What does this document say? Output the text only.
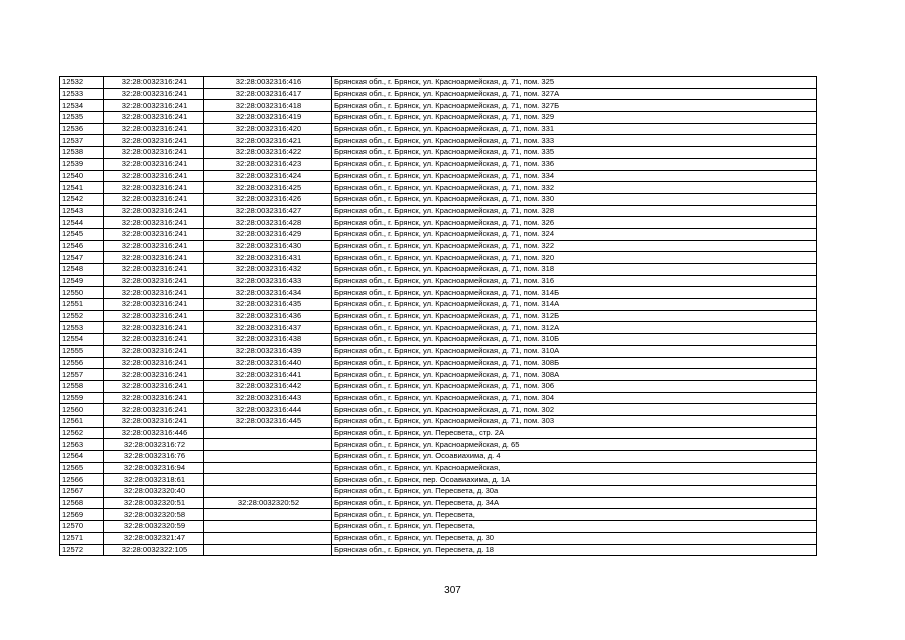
12532	32:28:0032316:241	32:28:0032316:416	Брянская обл., г. Брянск, ул. Красноармейская, д. 71, пом. 325
12533	32:28:0032316:241	32:28:0032316:417	Брянская обл., г. Брянск, ул. Красноармейская, д. 71, пом. 327А
12534	32:28:0032316:241	32:28:0032316:418	Брянская обл., г. Брянск, ул. Красноармейская, д. 71, пом. 327Б
12535	32:28:0032316:241	32:28:0032316:419	Брянская обл., г. Брянск, ул. Красноармейская, д. 71, пом. 329
12536	32:28:0032316:241	32:28:0032316:420	Брянская обл., г. Брянск, ул. Красноармейская, д. 71, пом. 331
12537	32:28:0032316:241	32:28:0032316:421	Брянская обл., г. Брянск, ул. Красноармейская, д. 71, пом. 333
12538	32:28:0032316:241	32:28:0032316:422	Брянская обл., г. Брянск, ул. Красноармейская, д. 71, пом. 335
12539	32:28:0032316:241	32:28:0032316:423	Брянская обл., г. Брянск, ул. Красноармейская, д. 71, пом. 336
12540	32:28:0032316:241	32:28:0032316:424	Брянская обл., г. Брянск, ул. Красноармейская, д. 71, пом. 334
12541	32:28:0032316:241	32:28:0032316:425	Брянская обл., г. Брянск, ул. Красноармейская, д. 71, пом. 332
12542	32:28:0032316:241	32:28:0032316:426	Брянская обл., г. Брянск, ул. Красноармейская, д. 71, пом. 330
12543	32:28:0032316:241	32:28:0032316:427	Брянская обл., г. Брянск, ул. Красноармейская, д. 71, пом. 328
12544	32:28:0032316:241	32:28:0032316:428	Брянская обл., г. Брянск, ул. Красноармейская, д. 71, пом. 326
12545	32:28:0032316:241	32:28:0032316:429	Брянская обл., г. Брянск, ул. Красноармейская, д. 71, пом. 324
12546	32:28:0032316:241	32:28:0032316:430	Брянская обл., г. Брянск, ул. Красноармейская, д. 71, пом. 322
12547	32:28:0032316:241	32:28:0032316:431	Брянская обл., г. Брянск, ул. Красноармейская, д. 71, пом. 320
12548	32:28:0032316:241	32:28:0032316:432	Брянская обл., г. Брянск, ул. Красноармейская, д. 71, пом. 318
12549	32:28:0032316:241	32:28:0032316:433	Брянская обл., г. Брянск, ул. Красноармейская, д. 71, пом. 316
12550	32:28:0032316:241	32:28:0032316:434	Брянская обл., г. Брянск, ул. Красноармейская, д. 71, пом. 314Б
12551	32:28:0032316:241	32:28:0032316:435	Брянская обл., г. Брянск, ул. Красноармейская, д. 71, пом. 314А
12552	32:28:0032316:241	32:28:0032316:436	Брянская обл., г. Брянск, ул. Красноармейская, д. 71, пом. 312Б
12553	32:28:0032316:241	32:28:0032316:437	Брянская обл., г. Брянск, ул. Красноармейская, д. 71, пом. 312А
12554	32:28:0032316:241	32:28:0032316:438	Брянская обл., г. Брянск, ул. Красноармейская, д. 71, пом. 310Б
12555	32:28:0032316:241	32:28:0032316:439	Брянская обл., г. Брянск, ул. Красноармейская, д. 71, пом. 310А
12556	32:28:0032316:241	32:28:0032316:440	Брянская обл., г. Брянск, ул. Красноармейская, д. 71, пом. 308Б
12557	32:28:0032316:241	32:28:0032316:441	Брянская обл., г. Брянск, ул. Красноармейская, д. 71, пом. 308А
12558	32:28:0032316:241	32:28:0032316:442	Брянская обл., г. Брянск, ул. Красноармейская, д. 71, пом. 306
12559	32:28:0032316:241	32:28:0032316:443	Брянская обл., г. Брянск, ул. Красноармейская, д. 71, пом. 304
12560	32:28:0032316:241	32:28:0032316:444	Брянская обл., г. Брянск, ул. Красноармейская, д. 71, пом. 302
12561	32:28:0032316:241	32:28:0032316:445	Брянская обл., г. Брянск, ул. Красноармейская, д. 71, пом. 303
12562	32:28:0032316:446		Брянская обл., г. Брянск, ул. Пересвета,, стр. 2А
12563	32:28:0032316:72		Брянская обл., г. Брянск, ул. Красноармейская, д. 65
12564	32:28:0032316:76		Брянская обл., г. Брянск, ул. Осоавиахима, д. 4
12565	32:28:0032316:94		Брянская обл., г. Брянск, ул. Красноармейская,
12566	32:28:0032318:61		Брянская обл., г. Брянск, пер. Осоавиахима, д. 1А
12567	32:28:0032320:40		Брянская обл., г. Брянск, ул. Пересвета, д. 30а
12568	32:28:0032320:51	32:28:0032320:52	Брянская обл., г. Брянск, ул. Пересвета, д. 34А
12569	32:28:0032320:58		Брянская обл., г. Брянск, ул. Пересвета,
12570	32:28:0032320:59		Брянская обл., г. Брянск, ул. Пересвета,
12571	32:28:0032321:47		Брянская обл., г. Брянск, ул. Пересвета, д. 30
12572	32:28:0032322:105		Брянская обл., г. Брянск, ул. Пересвета, д. 18
307
